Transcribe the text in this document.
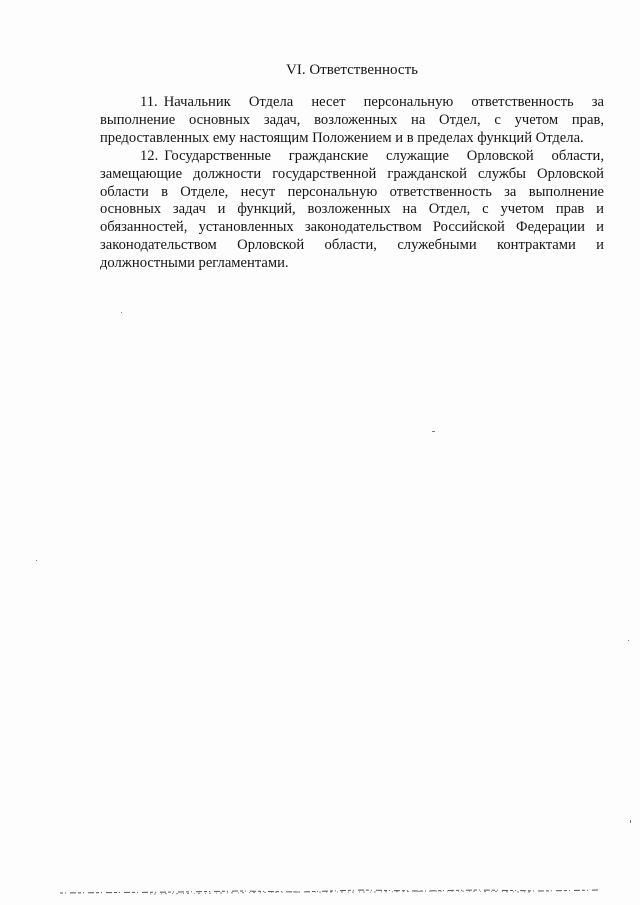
VI. Ответственность

11. Начальник Отдела несет персональную ответственность за выполнение основных задач, возложенных на Отдел, с учетом прав, предоставленных ему настоящим Положением и в пределах функций Отдела.

12. Государственные гражданские служащие Орловской области, замещающие должности государственной гражданской службы Орловской области в Отделе, несут персональную ответственность за выполнение основных задач и функций, возложенных на Отдел, с учетом прав и обязанностей, установленных законодательством Российской Федерации и законодательством Орловской области, служебными контрактами и должностными регламентами.
